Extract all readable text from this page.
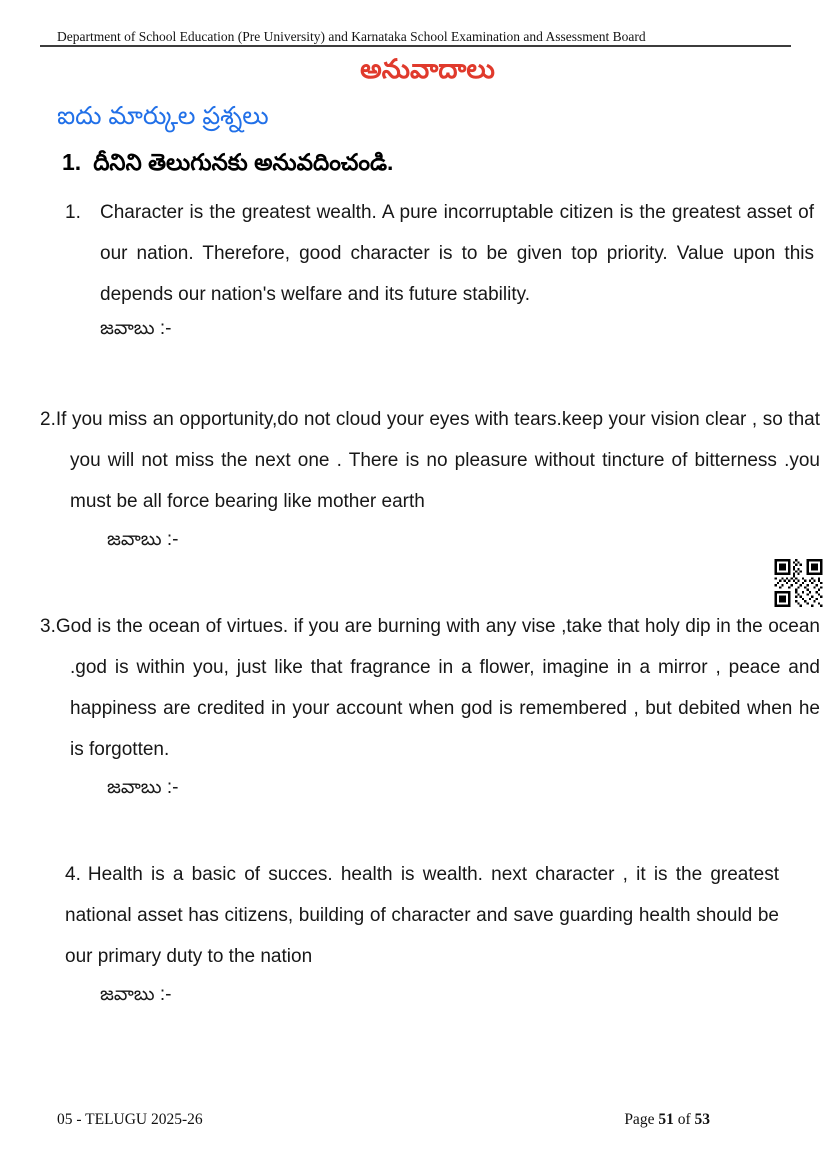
Department of School Education (Pre University) and Karnataka School Examination and Assessment Board
అనువాదాలు
ఐదు మార్కుల ప్రశ్నలు
1. దీనిని తెలుగునకు అనువదించండి.
1. Character is the greatest wealth. A pure incorruptable citizen is the greatest asset of our nation. Therefore, good character is to be given top priority. Value upon this depends our nation's welfare and its future stability.
జవాబు :-
2.If you miss an opportunity,do not cloud your eyes with tears.keep your vision clear , so that you will not miss the next one . There is no pleasure without tincture of bitterness .you must be all force bearing like mother earth
జవాబు :-
3.God is the ocean of virtues. if you are burning with any vise ,take that holy dip in the ocean .god is within you, just like that fragrance in a flower, imagine in a mirror , peace and happiness are credited in your account when god is remembered , but debited when he is forgotten.
జవాబు :-
4. Health is a basic of succes. health is wealth. next character , it is the greatest national asset has citizens, building of character and save guarding health should be our primary duty to the nation
జవాబు :-
05 - TELUGU 2025-26	Page 51 of 53
